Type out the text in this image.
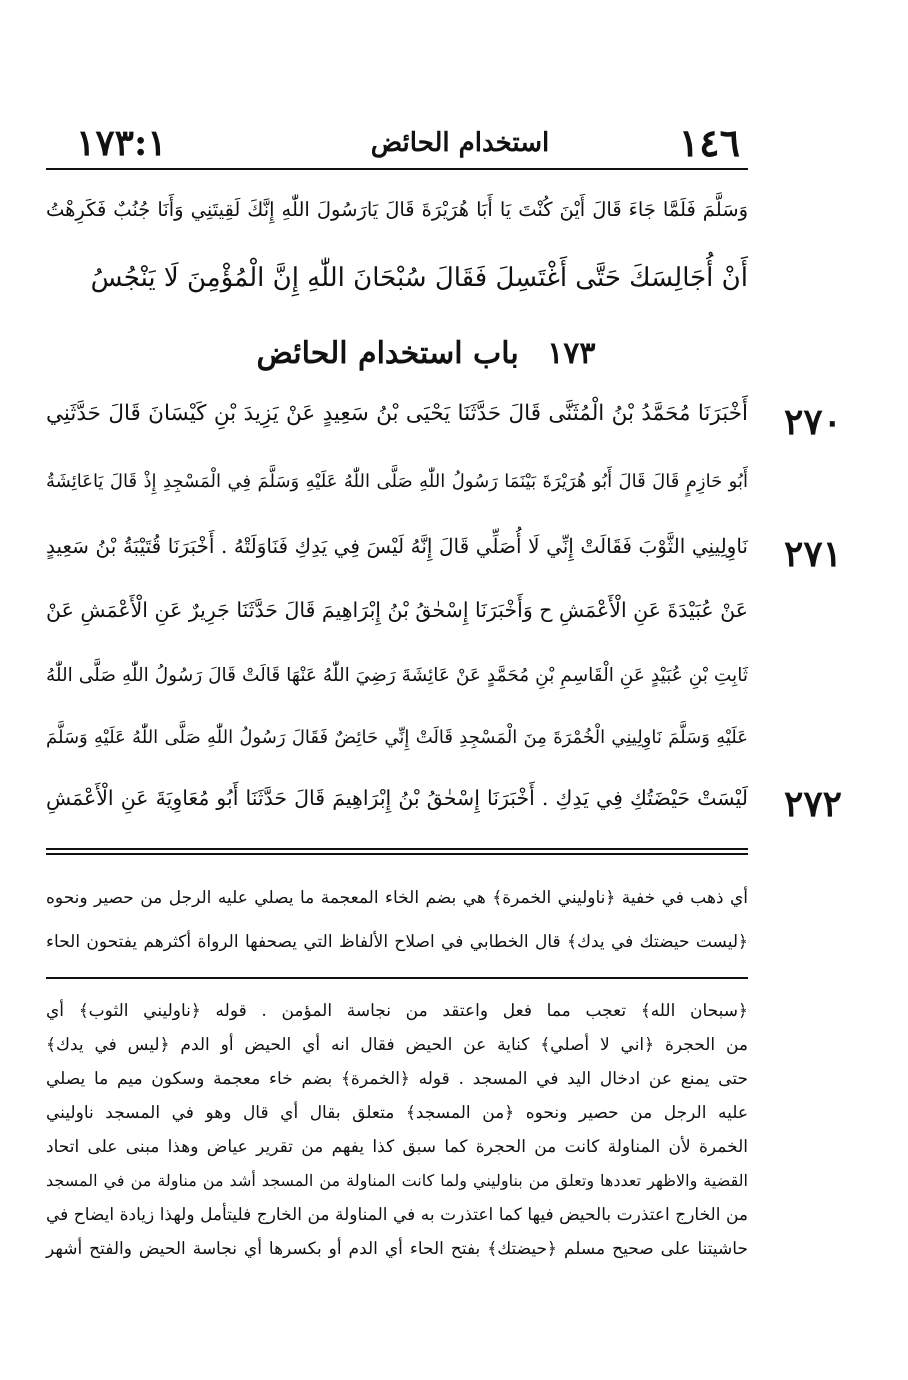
١٤٦
استخدام الحائض
١٧٣:١
وَسَلَّمَ فَلَمَّا جَاءَ قَالَ أَيْنَ كُنْتَ يَا أَبَا هُرَيْرَةَ قَالَ يَارَسُولَ اللّٰهِ إِنَّكَ لَقِيتَنِي وَأَنَا جُنُبٌ فَكَرِهْتُ
أَنْ أُجَالِسَكَ حَتَّى أَغْتَسِلَ فَقَالَ سُبْحَانَ اللّٰهِ إِنَّ الْمُؤْمِنَ لَا يَنْجُسُ
١٧٣ باب استخدام الحائض
أَخْبَرَنَا مُحَمَّدُ بْنُ الْمُثَنَّى قَالَ حَدَّثَنَا يَحْيَى بْنُ سَعِيدٍ عَنْ يَزِيدَ بْنِ كَيْسَانَ قَالَ حَدَّثَنِي
أَبُو حَازِمٍ قَالَ قَالَ أَبُو هُرَيْرَةَ بَيْنَمَا رَسُولُ اللّٰهِ صَلَّى اللّٰهُ عَلَيْهِ وَسَلَّمَ فِي الْمَسْجِدِ إِذْ قَالَ يَاعَائِشَةُ
نَاوِلِينِي الثَّوْبَ فَقَالَتْ إِنِّي لَا أُصَلِّي قَالَ إِنَّهُ لَيْسَ فِي يَدِكِ فَنَاوَلَتْهُ . أَخْبَرَنَا قُتَيْبَةُ بْنُ سَعِيدٍ
عَنْ عُبَيْدَةَ عَنِ الْأَعْمَشِ ح وَأَخْبَرَنَا إِسْحٰقُ بْنُ إِبْرَاهِيمَ قَالَ حَدَّثَنَا جَرِيرٌ عَنِ الْأَعْمَشِ عَنْ
ثَابِتِ بْنِ عُبَيْدٍ عَنِ الْقَاسِمِ بْنِ مُحَمَّدٍ عَنْ عَائِشَةَ رَضِيَ اللّٰهُ عَنْهَا قَالَتْ قَالَ رَسُولُ اللّٰهِ صَلَّى اللّٰهُ
عَلَيْهِ وَسَلَّمَ نَاوِلِينِي الْخُمْرَةَ مِنَ الْمَسْجِدِ قَالَتْ إِنِّي حَائِضٌ فَقَالَ رَسُولُ اللّٰهِ صَلَّى اللّٰهُ عَلَيْهِ وَسَلَّمَ
لَيْسَتْ حَيْضَتُكِ فِي يَدِكِ . أَخْبَرَنَا إِسْحٰقُ بْنُ إِبْرَاهِيمَ قَالَ حَدَّثَنَا أَبُو مُعَاوِيَةَ عَنِ الْأَعْمَشِ
٢٧٠
٢٧١
٢٧٢
أي ذهب في خفية ﴿ناوليني الخمرة﴾ هي بضم الخاء المعجمة ما يصلي عليه الرجل من حصير ونحوه
﴿ليست حيضتك في يدك﴾ قال الخطابي في اصلاح الألفاظ التي يصحفها الرواة أكثرهم يفتحون الحاء
﴿سبحان الله﴾ تعجب مما فعل واعتقد من نجاسة المؤمن . قوله ﴿ناوليني الثوب﴾ أي
من الحجرة ﴿اني لا أصلي﴾ كناية عن الحيض فقال انه أي الحيض أو الدم ﴿ليس في يدك﴾
حتى يمنع عن ادخال اليد في المسجد . قوله ﴿الخمرة﴾ بضم خاء معجمة وسكون ميم ما يصلي
عليه الرجل من حصير ونحوه ﴿من المسجد﴾ متعلق بقال أي قال وهو في المسجد ناوليني
الخمرة لأن المناولة كانت من الحجرة كما سبق كذا يفهم من تقرير عياض وهذا مبنى على اتحاد
القضية والاظهر تعددها وتعلق من بناوليني ولما كانت المناولة من المسجد أشد من مناولة من في المسجد
من الخارج اعتذرت بالحيض فيها كما اعتذرت به في المناولة من الخارج فليتأمل ولهذا زيادة ايضاح في
حاشيتنا على صحيح مسلم ﴿حيضتك﴾ بفتح الحاء أي الدم أو بكسرها أي نجاسة الحيض والفتح أشهر
